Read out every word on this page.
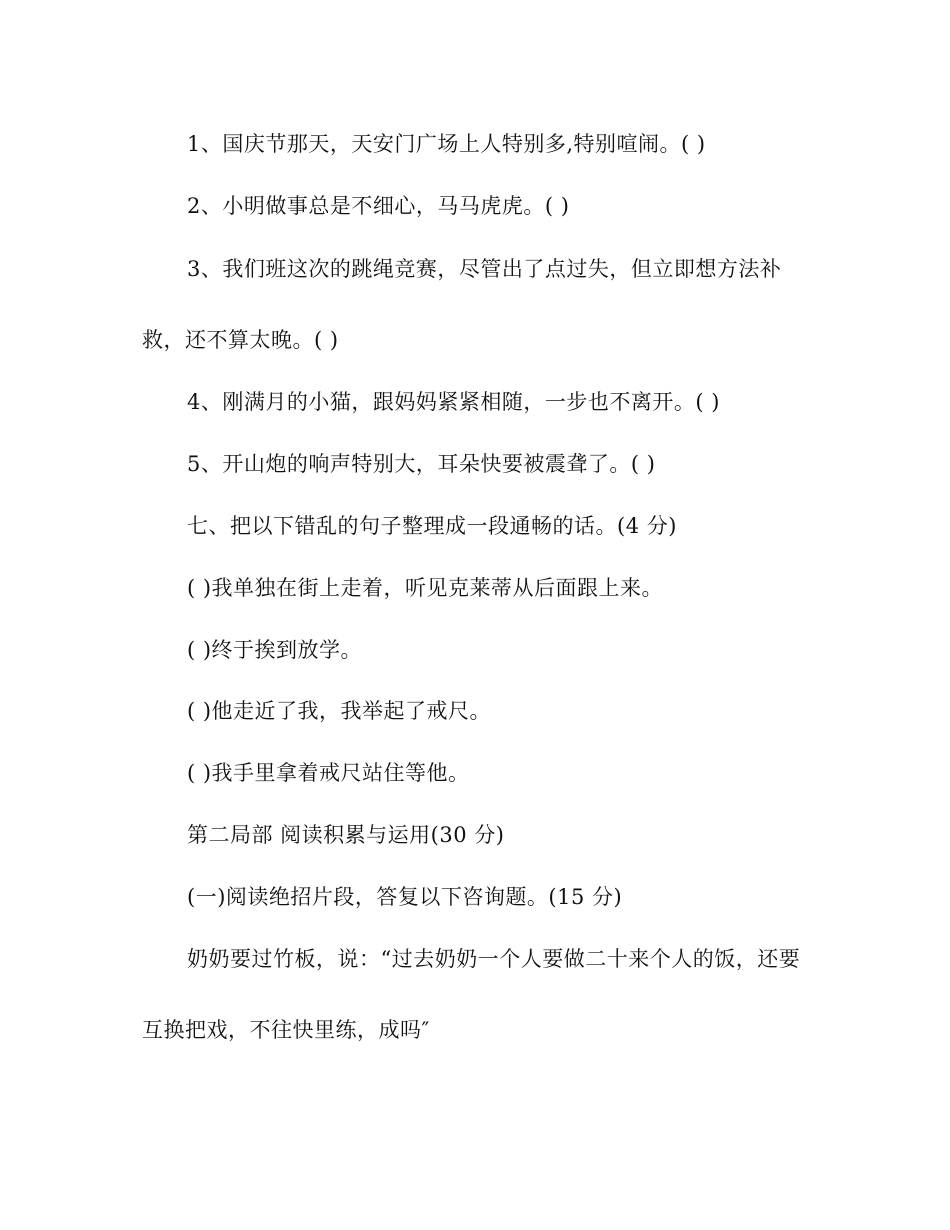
1、国庆节那天，天安门广场上人特别多,特别喧闹。( )
2、小明做事总是不细心，马马虎虎。( )
3、我们班这次的跳绳竞赛，尽管出了点过失，但立即想方法补
救，还不算太晚。( )
4、刚满月的小猫，跟妈妈紧紧相随，一步也不离开。( )
5、开山炮的响声特别大，耳朵快要被震聋了。( )
七、把以下错乱的句子整理成一段通畅的话。(4 分)
( )我单独在街上走着，听见克莱蒂从后面跟上来。
( )终于挨到放学。
( )他走近了我，我举起了戒尺。
( )我手里拿着戒尺站住等他。
第二局部 阅读积累与运用(30 分)
(一)阅读绝招片段，答复以下咨询题。(15 分)
奶奶要过竹板，说：“过去奶奶一个人要做二十来个人的饭，还要
互换把戏，不往快里练，成吗″
